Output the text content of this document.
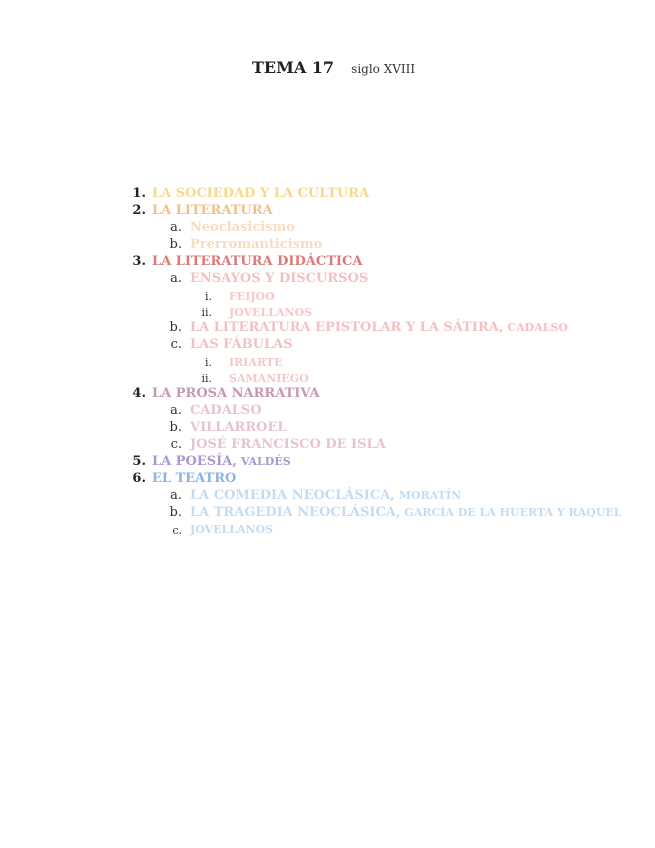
TEMA 17 siglo XVIII
1. LA SOCIEDAD Y LA CULTURA
2. LA LITERATURA
a. Neoclasicismo
b. Prerromanticismo
3. LA LITERATURA DIDÁCTICA
a. ENSAYOS Y DISCURSOS
i. FEIJOO
ii. JOVELLANOS
b. LA LITERATURA EPISTOLAR Y LA SÁTIRA, CADALSO
c. LAS FÁBULAS
i. IRIARTE
ii. SAMANIEGO
4. LA PROSA NARRATIVA
a. CADALSO
b. VILLARROEL
c. JOSÉ FRANCISCO DE ISLA
5. LA POESÍA, VALDÉS
6. EL TEATRO
a. LA COMEDIA NEOCLÁSICA, MORATÍN
b. LA TRAGEDIA NEOCLÁSICA, GARCÍA DE LA HUERTA Y RAQUEL
c. JOVELLANOS
